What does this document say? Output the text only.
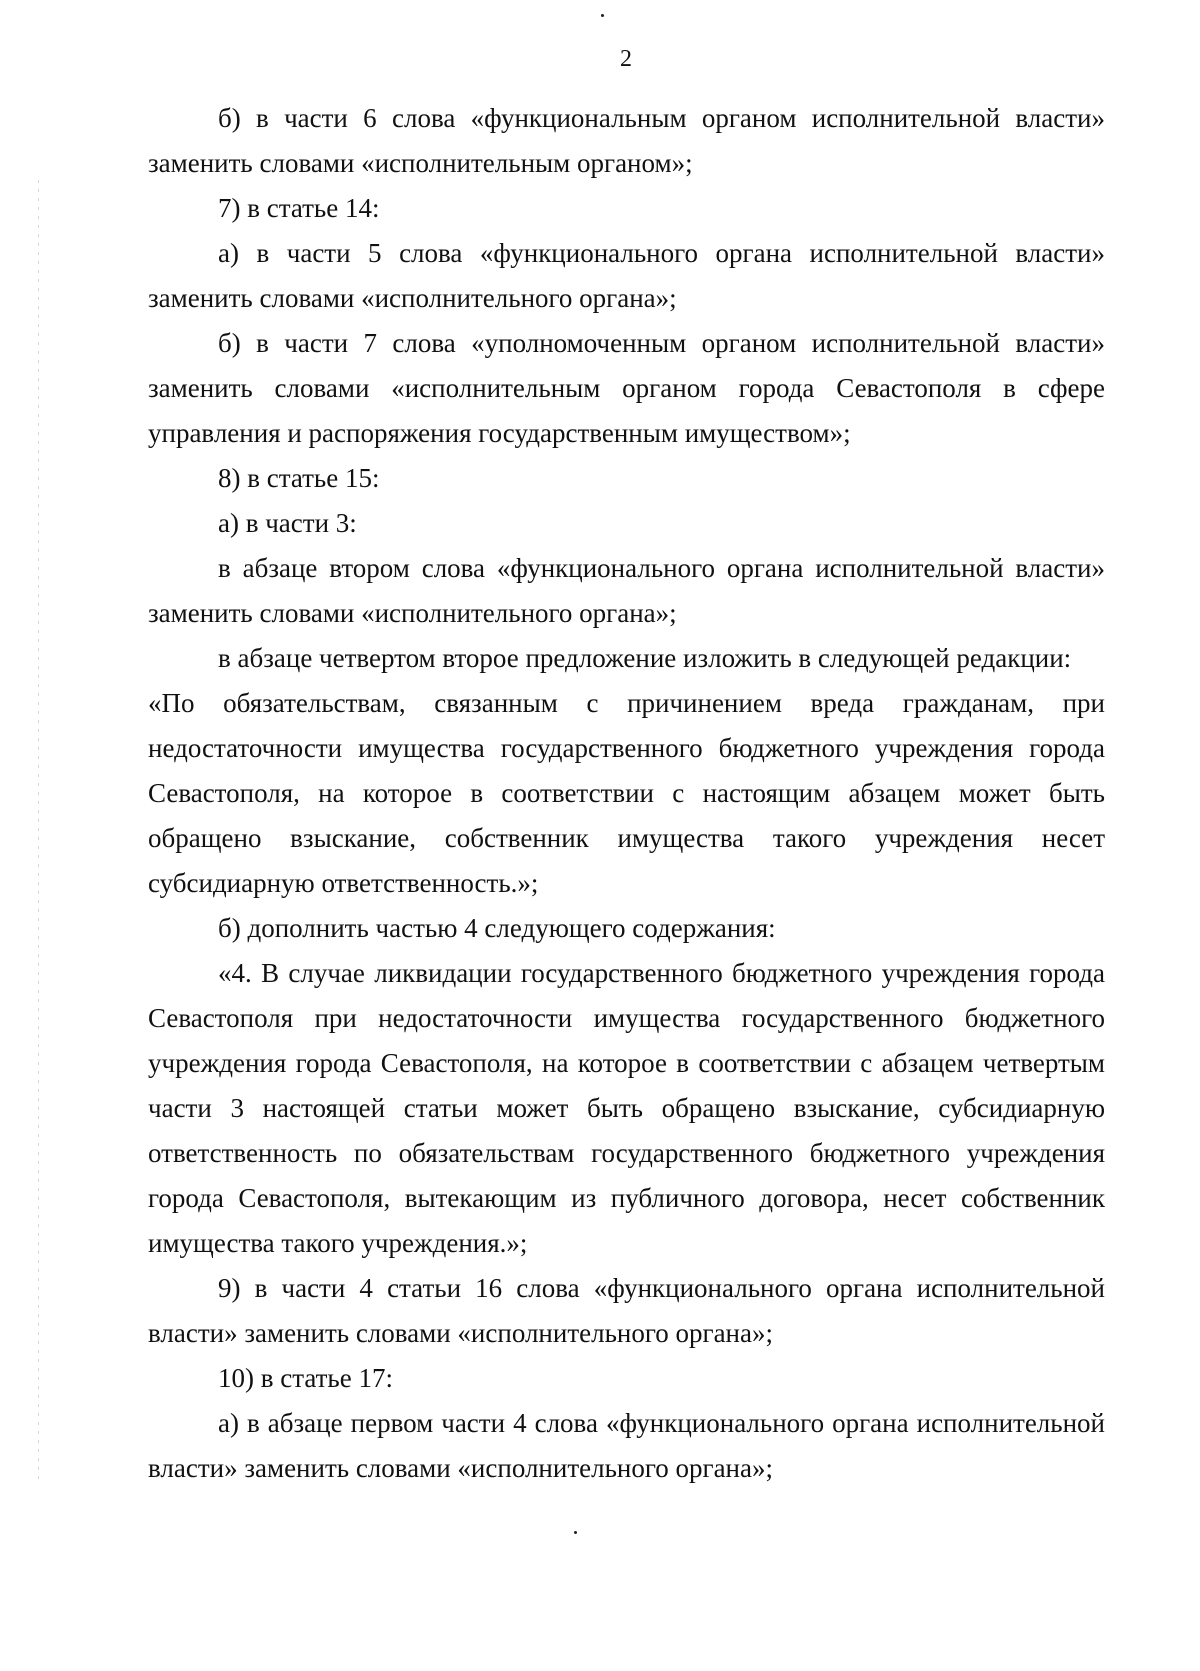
2

б) в части 6 слова «функциональным органом исполнительной власти» заменить словами «исполнительным органом»;

7) в статье 14:

а) в части 5 слова «функционального органа исполнительной власти» заменить словами «исполнительного органа»;

б) в части 7 слова «уполномоченным органом исполнительной власти» заменить словами «исполнительным органом города Севастополя в сфере управления и распоряжения государственным имуществом»;

8) в статье 15:

а) в части 3:

в абзаце втором слова «функционального органа исполнительной власти» заменить словами «исполнительного органа»;

в абзаце четвертом второе предложение изложить в следующей редакции:

«По обязательствам, связанным с причинением вреда гражданам, при недостаточности имущества государственного бюджетного учреждения города Севастополя, на которое в соответствии с настоящим абзацем может быть обращено взыскание, собственник имущества такого учреждения несет субсидиарную ответственность.»;

б) дополнить частью 4 следующего содержания:

«4. В случае ликвидации государственного бюджетного учреждения города Севастополя при недостаточности имущества государственного бюджетного учреждения города Севастополя, на которое в соответствии с абзацем четвертым части 3 настоящей статьи может быть обращено взыскание, субсидиарную ответственность по обязательствам государственного бюджетного учреждения города Севастополя, вытекающим из публичного договора, несет собственник имущества такого учреждения.»;

9) в части 4 статьи 16 слова «функционального органа исполнительной власти» заменить словами «исполнительного органа»;

10) в статье 17:

а) в абзаце первом части 4 слова «функционального органа исполнительной власти» заменить словами «исполнительного органа»;
